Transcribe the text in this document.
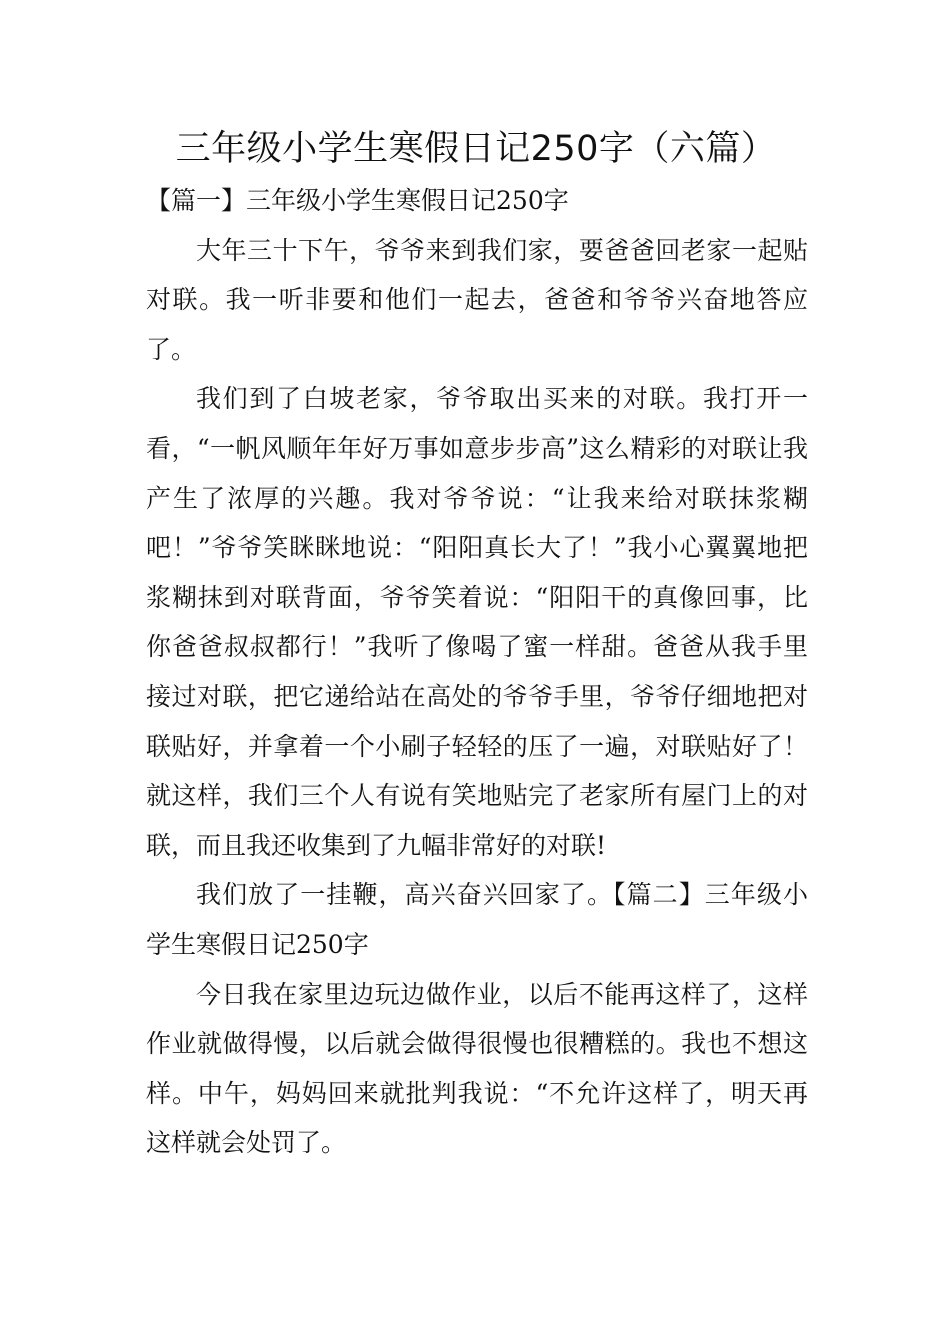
三年级小学生寒假日记250字（六篇）

【篇一】三年级小学生寒假日记250字

大年三十下午，爷爷来到我们家，要爸爸回老家一起贴对联。我一听非要和他们一起去，爸爸和爷爷兴奋地答应了。

我们到了白坡老家，爷爷取出买来的对联。我打开一看，“一帆风顺年年好万事如意步步高”这么精彩的对联让我产生了浓厚的兴趣。我对爷爷说：“让我来给对联抹浆糊吧！”爷爷笑眯眯地说：“阳阳真长大了！”我小心翼翼地把浆糊抹到对联背面，爷爷笑着说：“阳阳干的真像回事，比你爸爸叔叔都行！”我听了像喝了蜜一样甜。爸爸从我手里接过对联，把它递给站在高处的爷爷手里，爷爷仔细地把对联贴好，并拿着一个小刷子轻轻的压了一遍，对联贴好了！就这样，我们三个人有说有笑地贴完了老家所有屋门上的对联，而且我还收集到了九幅非常好的对联!

我们放了一挂鞭，高兴奋兴回家了。【篇二】三年级小学生寒假日记250字

今日我在家里边玩边做作业，以后不能再这样了，这样作业就做得慢，以后就会做得很慢也很糟糕的。我也不想这样。中午，妈妈回来就批判我说：“不允许这样了，明天再这样就会处罚了。
